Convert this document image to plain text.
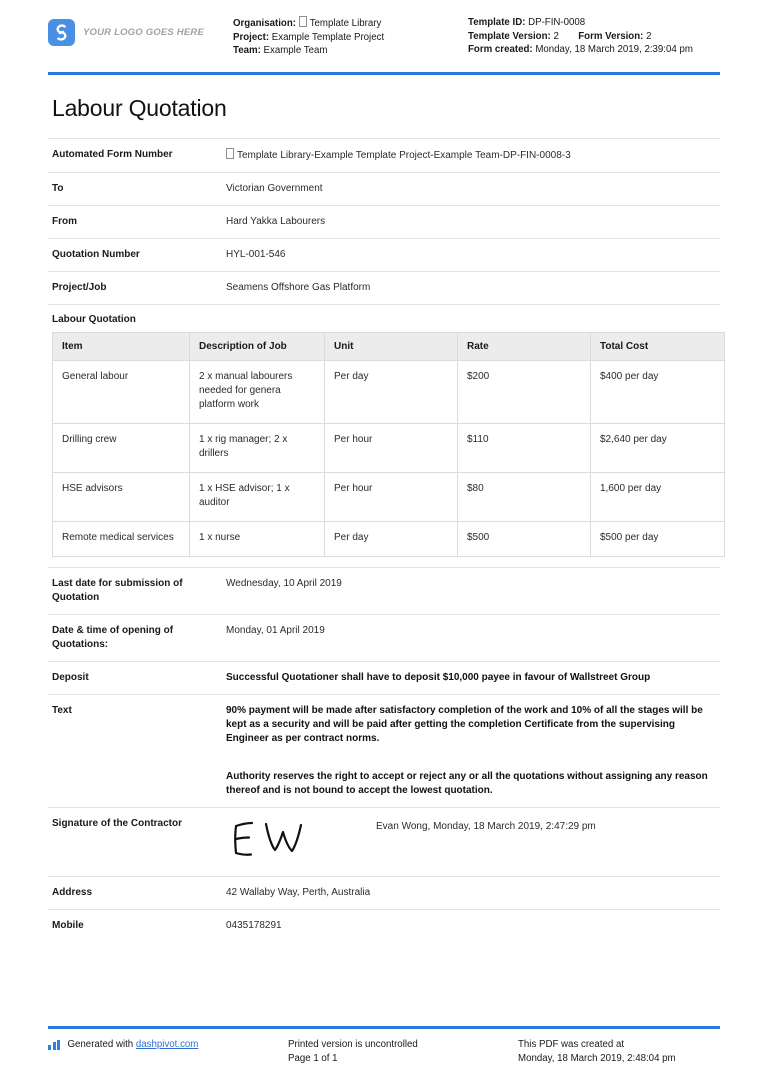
YOUR LOGO GOES HERE
Organisation: Template Library
Project: Example Template Project
Team: Example Team
Template ID: DP-FIN-0008
Template Version: 2 Form Version: 2
Form created: Monday, 18 March 2019, 2:39:04 pm
Labour Quotation
Automated Form Number	Template Library-Example Template Project-Example Team-DP-FIN-0008-3
To	Victorian Government
From	Hard Yakka Labourers
Quotation Number	HYL-001-546
Project/Job	Seamens Offshore Gas Platform
Labour Quotation
Item	Description of Job	Unit	Rate	Total Cost
General labour	2 x manual labourers needed for genera platform work	Per day	$200	$400 per day
Drilling crew	1 x rig manager; 2 x drillers	Per hour	$110	$2,640 per day
HSE advisors	1 x HSE advisor; 1 x auditor	Per hour	$80	1,600 per day
Remote medical services	1 x nurse	Per day	$500	$500 per day
Last date for submission of Quotation
Wednesday, 10 April 2019
Date & time of opening of Quotations:
Monday, 01 April 2019
Deposit	Successful Quotationer shall have to deposit $10,000 payee in favour of Wallstreet Group
Text	90% payment will be made after satisfactory completion of the work and 10% of all the stages will be kept as a security and will be paid after getting the completion Certificate from the supervising Engineer as per contract norms.

Authority reserves the right to accept or reject any or all the quotations without assigning any reason thereof and is not bound to accept the lowest quotation.

Signature of the Contractor	Evan Wong, Monday, 18 March 2019, 2:47:29 pm
Address	42 Wallaby Way, Perth, Australia
Mobile	0435178291
Generated with dashpivot.com	Printed version is uncontrolled
Page 1 of 1
This PDF was created at
Monday, 18 March 2019, 2:48:04 pm
